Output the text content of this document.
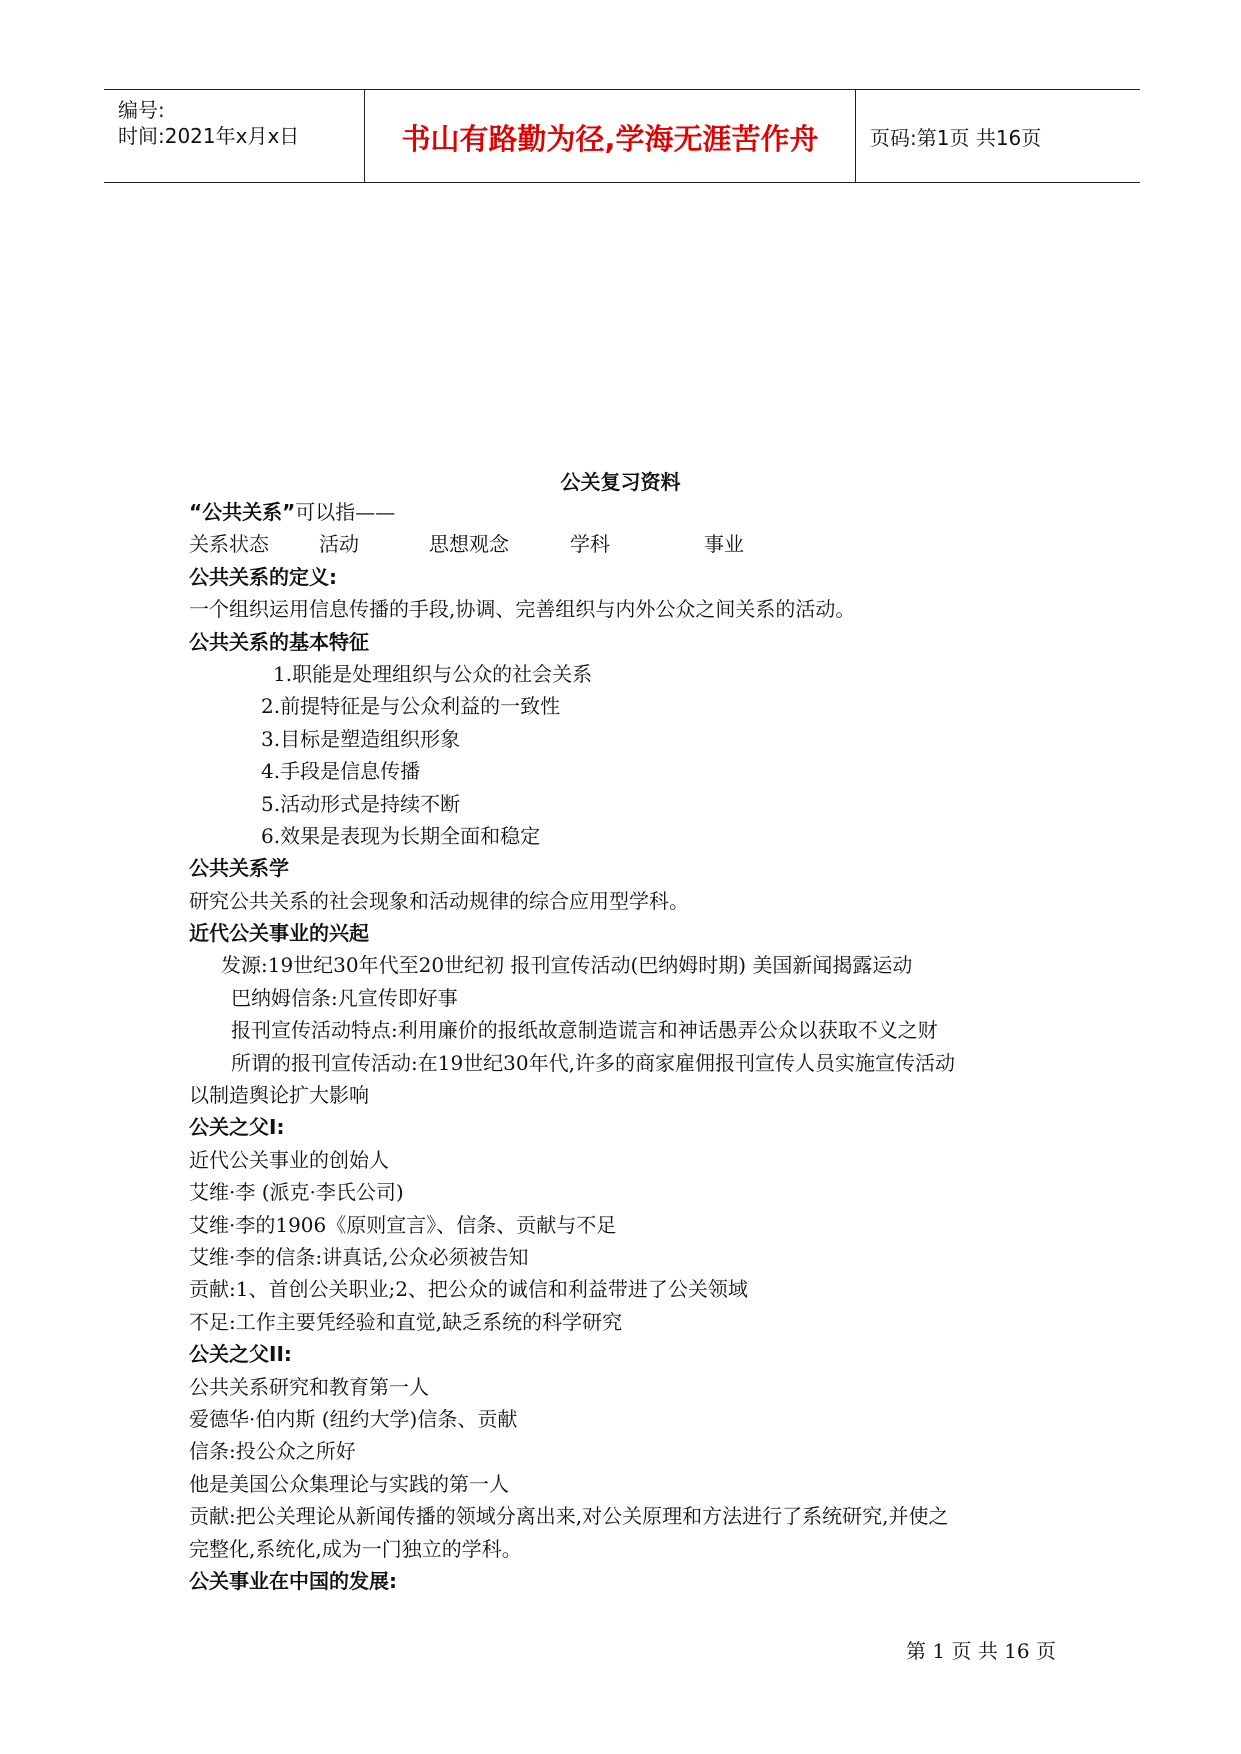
编号:
时间:2021年x月x日	书山有路勤为径,学海无涯苦作舟	页码:第1页 共16页
公关复习资料
“公共关系”可以指——
关系状态	活动	思想观念	学科	事业
公共关系的定义:
一个组织运用信息传播的手段,协调、完善组织与内外公众之间关系的活动。
公共关系的基本特征
1.职能是处理组织与公众的社会关系
2.前提特征是与公众利益的一致性
3.目标是塑造组织形象
4.手段是信息传播
5.活动形式是持续不断
6.效果是表现为长期全面和稳定
公共关系学
研究公共关系的社会现象和活动规律的综合应用型学科。
近代公关事业的兴起
发源:19世纪30年代至20世纪初 报刊宣传活动(巴纳姆时期) 美国新闻揭露运动
巴纳姆信条:凡宣传即好事
报刊宣传活动特点:利用廉价的报纸故意制造谎言和神话愚弄公众以获取不义之财
所谓的报刊宣传活动:在19世纪30年代,许多的商家雇佣报刊宣传人员实施宣传活动
以制造舆论扩大影响
公关之父I:
近代公关事业的创始人
艾维·李 (派克·李氏公司)
艾维·李的1906《原则宣言》、信条、贡献与不足
艾维·李的信条:讲真话,公众必须被告知
贡献:1、首创公关职业;2、把公众的诚信和利益带进了公关领域
不足:工作主要凭经验和直觉,缺乏系统的科学研究
公关之父II:
公共关系研究和教育第一人
爱德华·伯内斯 (纽约大学)信条、贡献
信条:投公众之所好
他是美国公众集理论与实践的第一人
贡献:把公关理论从新闻传播的领域分离出来,对公关原理和方法进行了系统研究,并使之
完整化,系统化,成为一门独立的学科。
公关事业在中国的发展:
第 1 页 共 16 页
